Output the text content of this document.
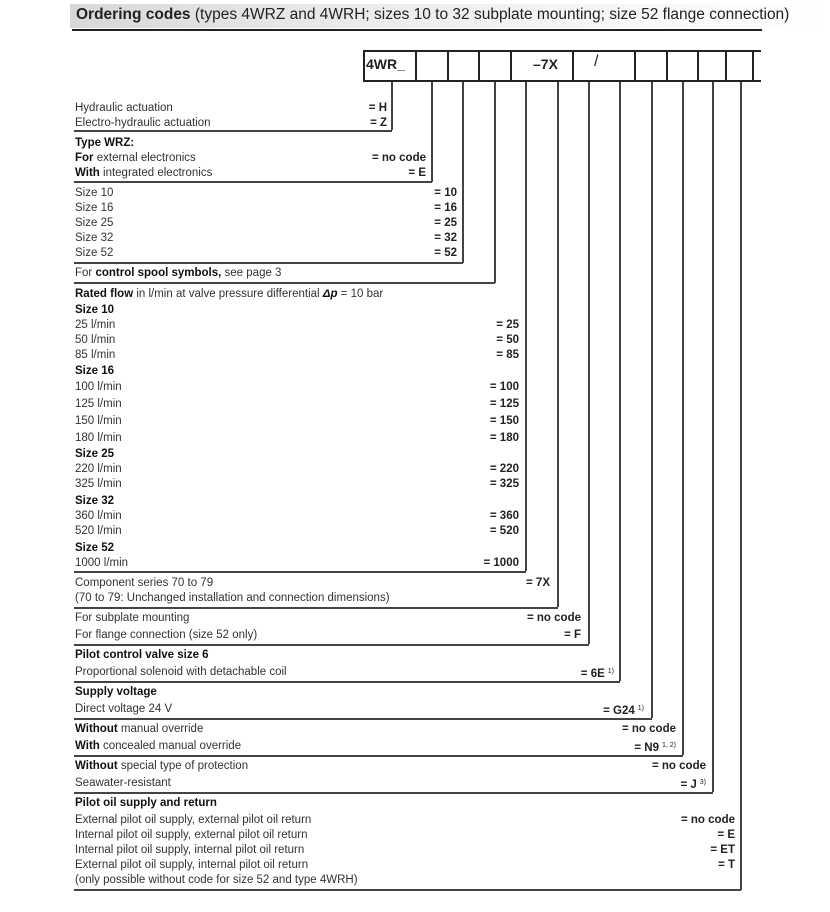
Ordering codes (types 4WRZ and 4WRH; sizes 10 to 32 subplate mounting; size 52 flange connection)
4WR_	–7X /
Hydraulic actuation	= H
Electro-hydraulic actuation	= Z
Type WRZ:
For external electronics	= no code
With integrated electronics	= E
Size 10	= 10
Size 16	= 16
Size 25	= 25
Size 32	= 32
Size 52	= 52
For control spool symbols, see page 3
Rated flow in l/min at valve pressure differential Δp = 10 bar
Size 10
25 l/min	= 25
50 l/min	= 50
85 l/min	= 85
Size 16
100 l/min	= 100
125 l/min	= 125
150 l/min	= 150
180 l/min	= 180
Size 25
220 l/min	= 220
325 l/min	= 325
Size 32
360 l/min	= 360
520 l/min	= 520
Size 52
1000 l/min	= 1000
Component series 70 to 79	= 7X
(70 to 79: Unchanged installation and connection dimensions)
For subplate mounting	= no code
For flange connection (size 52 only)	= F
Pilot control valve size 6
Proportional solenoid with detachable coil	= 6E $^{1)}$
Supply voltage
Direct voltage 24 V	= G24 $^{1)}$
Without manual override	= no code
With concealed manual override	= N9 $^{1, 2)}$
Without special type of protection	= no code
Seawater-resistant	= J $^{3)}$
Pilot oil supply and return
External pilot oil supply, external pilot oil return	= no code
Internal pilot oil supply, external pilot oil return	= E
Internal pilot oil supply, internal pilot oil return	= ET
External pilot oil supply, internal pilot oil return	= T
(only possible without code for size 52 and type 4WRH)
